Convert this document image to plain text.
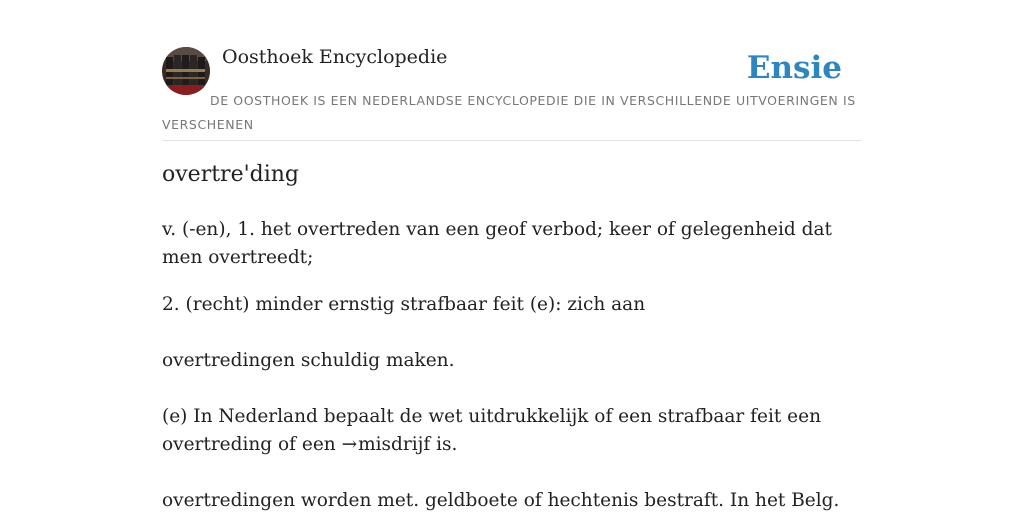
Oosthoek Encyclopedie	Ensie
DE OOSTHOEK IS EEN NEDERLANDSE ENCYCLOPEDIE DIE IN VERSCHILLENDE UITVOERINGEN IS VERSCHENEN
overtre'ding
v. (-en), 1. het overtreden van een geof verbod; keer of gelegenheid dat men overtreedt;
2. (recht) minder ernstig strafbaar feit (e): zich aan
overtredingen schuldig maken.
(e) In Nederland bepaalt de wet uitdrukkelijk of een strafbaar feit een overtreding of een →misdrijf is.
overtredingen worden met. geldboete of hechtenis bestraft. In het Belg.
